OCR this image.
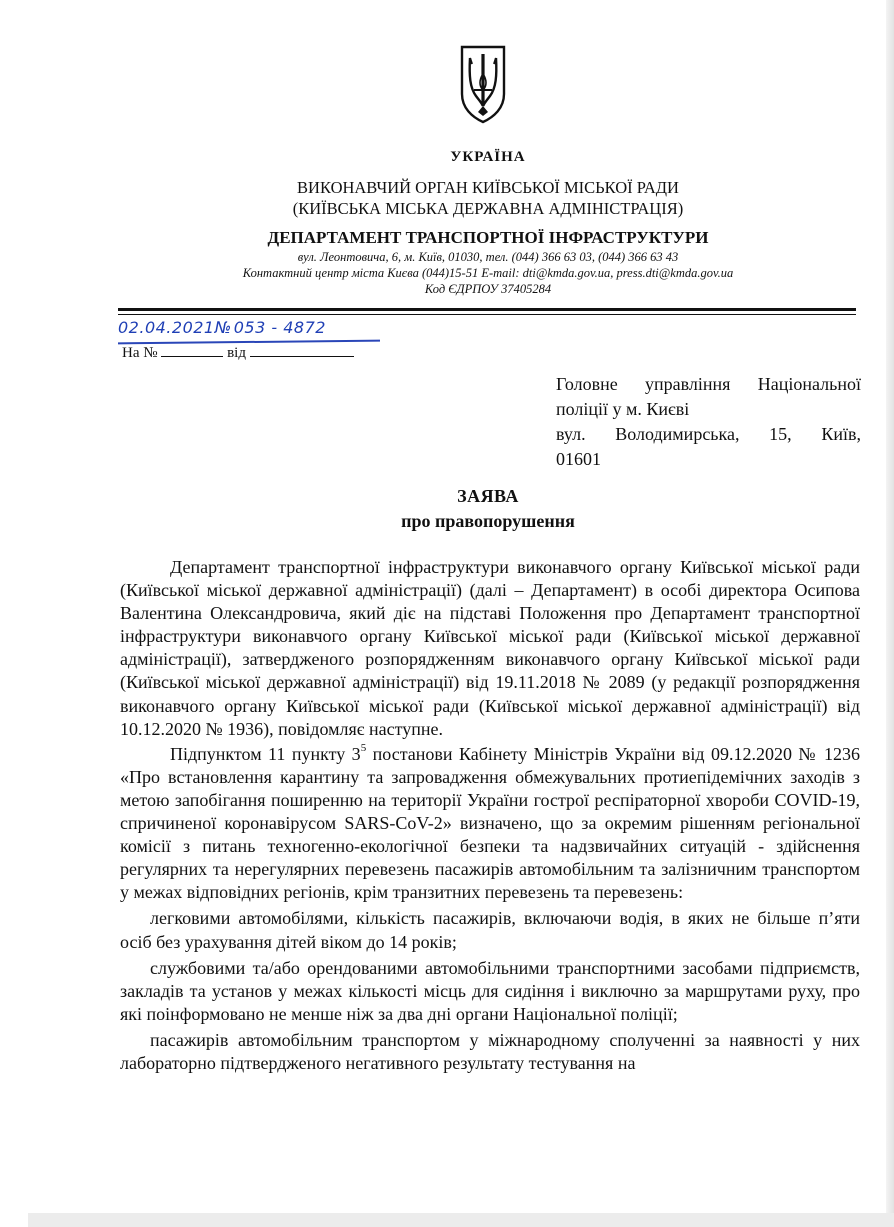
УКРАЇНА
ВИКОНАВЧИЙ ОРГАН КИЇВСЬКОЇ МІСЬКОЇ РАДИ
(КИЇВСЬКА МІСЬКА ДЕРЖАВНА АДМІНІСТРАЦІЯ)
ДЕПАРТАМЕНТ ТРАНСПОРТНОЇ ІНФРАСТРУКТУРИ
вул. Леонтовича, 6, м. Київ, 01030, тел. (044) 366 63 03, (044) 366 63 43
Контактний центр міста Києва (044)15-51 E-mail: dti@kmda.gov.ua, press.dti@kmda.gov.ua
Код ЄДРПОУ 37405284
02.04.2021№ 053 - 4872
На №	від
Головне управління Національної
поліції у м. Києві
вул. Володимирська, 15, Київ,
01601
ЗАЯВА
про правопорушення

Департамент транспортної інфраструктури виконавчого органу Київської міської ради (Київської міської державної адміністрації) (далі – Департамент) в особі директора Осипова Валентина Олександровича, який діє на підставі Положення про Департамент транспортної інфраструктури виконавчого органу Київської міської ради (Київської міської державної адміністрації), затвердженого розпорядженням виконавчого органу Київської міської ради (Київської міської державної адміністрації) від 19.11.2018 № 2089 (у редакції розпорядження виконавчого органу Київської міської ради (Київської міської державної адміністрації) від 10.12.2020 № 1936), повідомляє наступне.

Підпунктом 11 пункту $3^5$ постанови Кабінету Міністрів України від 09.12.2020 № 1236 «Про встановлення карантину та запровадження обмежувальних протиепідемічних заходів з метою запобігання поширенню на території України гострої респіраторної хвороби COVID-19, спричиненої коронавірусом SARS-CoV-2» визначено, що за окремим рішенням регіональної комісії з питань техногенно-екологічної безпеки та надзвичайних ситуацій - здійснення регулярних та нерегулярних перевезень пасажирів автомобільним та залізничним транспортом у межах відповідних регіонів, крім транзитних перевезень та перевезень:

легковими автомобілями, кількість пасажирів, включаючи водія, в яких не більше п’яти осіб без урахування дітей віком до 14 років;

службовими та/або орендованими автомобільними транспортними засобами підприємств, закладів та установ у межах кількості місць для сидіння і виключно за маршрутами руху, про які поінформовано не менше ніж за два дні органи Національної поліції;

пасажирів автомобільним транспортом у міжнародному сполученні за наявності у них лабораторно підтвердженого негативного результату тестування на
